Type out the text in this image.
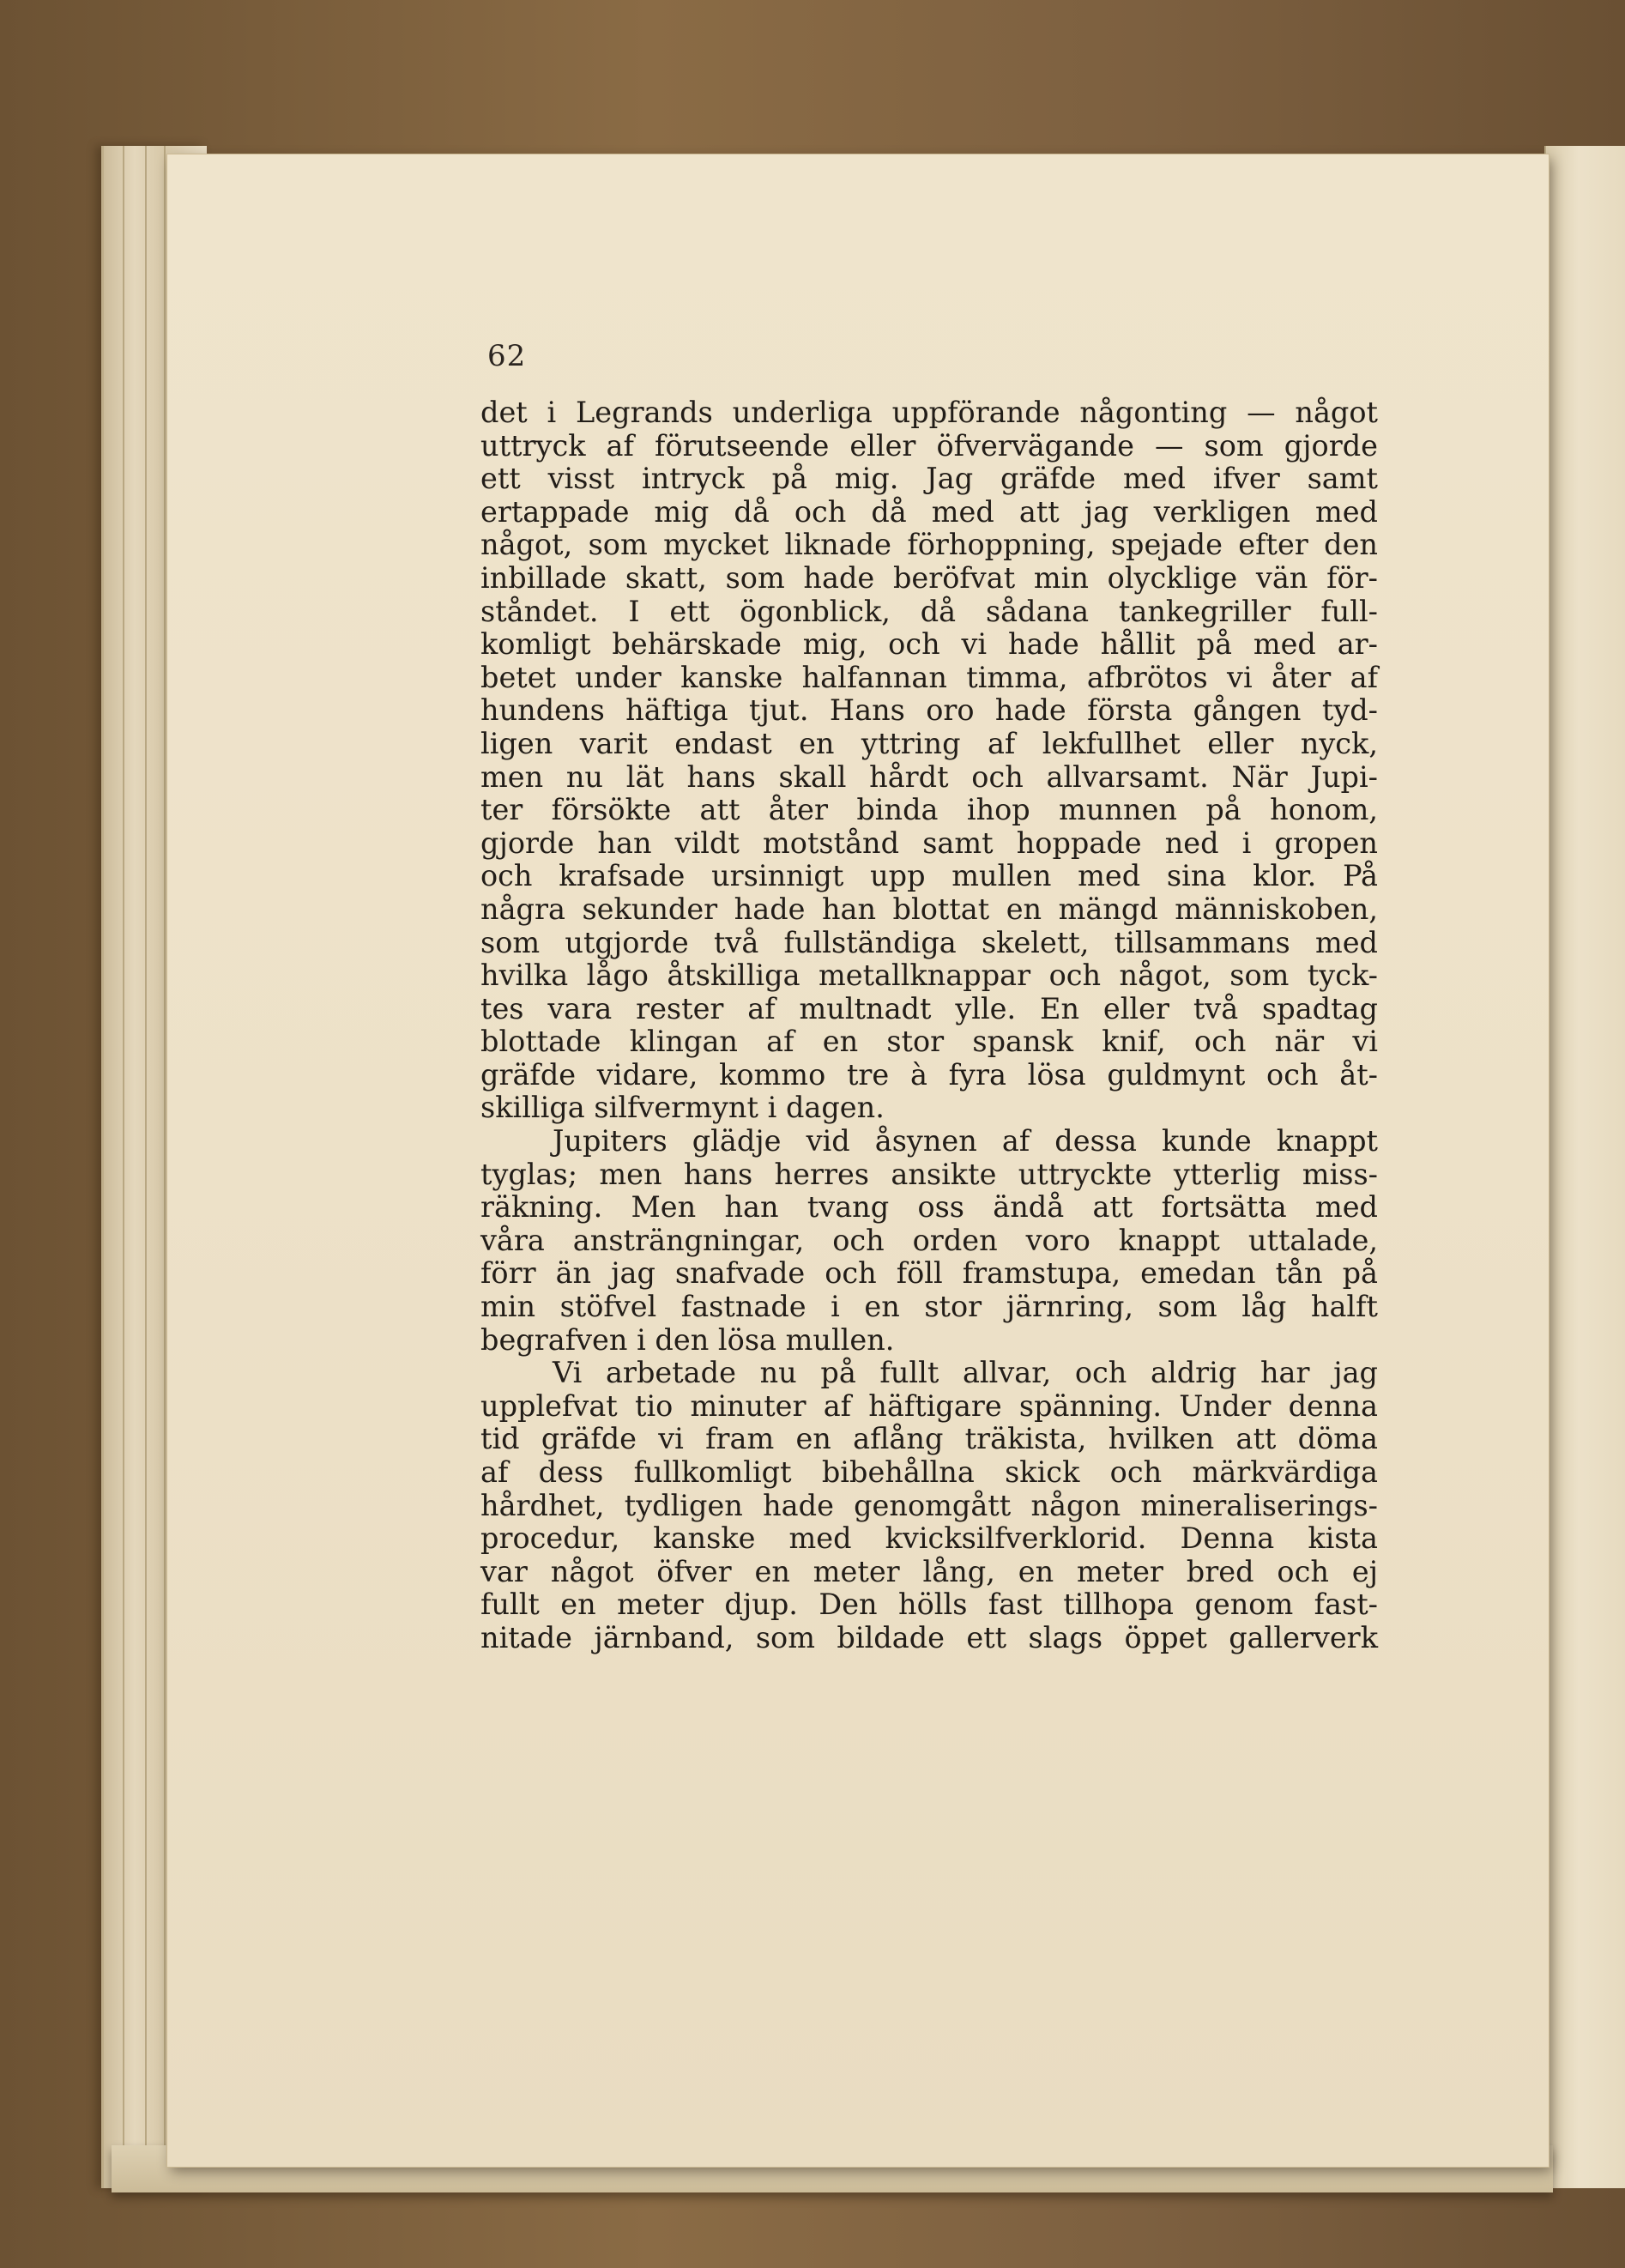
62
det i Legrands underliga uppförande någonting — något
uttryck af förutseende eller öfvervägande — som gjorde
ett visst intryck på mig. Jag gräfde med ifver samt
ertappade mig då och då med att jag verkligen med
något, som mycket liknade förhoppning, spejade efter den
inbillade skatt, som hade beröfvat min olycklige vän för-
ståndet. I ett ögonblick, då sådana tankegriller full-
komligt behärskade mig, och vi hade hållit på med ar-
betet under kanske halfannan timma, afbrötos vi åter af
hundens häftiga tjut. Hans oro hade första gången tyd-
ligen varit endast en yttring af lekfullhet eller nyck,
men nu lät hans skall hårdt och allvarsamt. När Jupi-
ter försökte att åter binda ihop munnen på honom,
gjorde han vildt motstånd samt hoppade ned i gropen
och krafsade ursinnigt upp mullen med sina klor. På
några sekunder hade han blottat en mängd människoben,
som utgjorde två fullständiga skelett, tillsammans med
hvilka lågo åtskilliga metallknappar och något, som tyck-
tes vara rester af multnadt ylle. En eller två spadtag
blottade klingan af en stor spansk knif, och när vi
gräfde vidare, kommo tre à fyra lösa guldmynt och åt-
skilliga silfvermynt i dagen.
Jupiters glädje vid åsynen af dessa kunde knappt
tyglas; men hans herres ansikte uttryckte ytterlig miss-
räkning. Men han tvang oss ändå att fortsätta med
våra ansträngningar, och orden voro knappt uttalade,
förr än jag snafvade och föll framstupa, emedan tån på
min stöfvel fastnade i en stor järnring, som låg halft
begrafven i den lösa mullen.
Vi arbetade nu på fullt allvar, och aldrig har jag
upplefvat tio minuter af häftigare spänning. Under denna
tid gräfde vi fram en aflång träkista, hvilken att döma
af dess fullkomligt bibehållna skick och märkvärdiga
hårdhet, tydligen hade genomgått någon mineraliserings-
procedur, kanske med kvicksilfverklorid. Denna kista
var något öfver en meter lång, en meter bred och ej
fullt en meter djup. Den hölls fast tillhopa genom fast-
nitade järnband, som bildade ett slags öppet gallerverk
